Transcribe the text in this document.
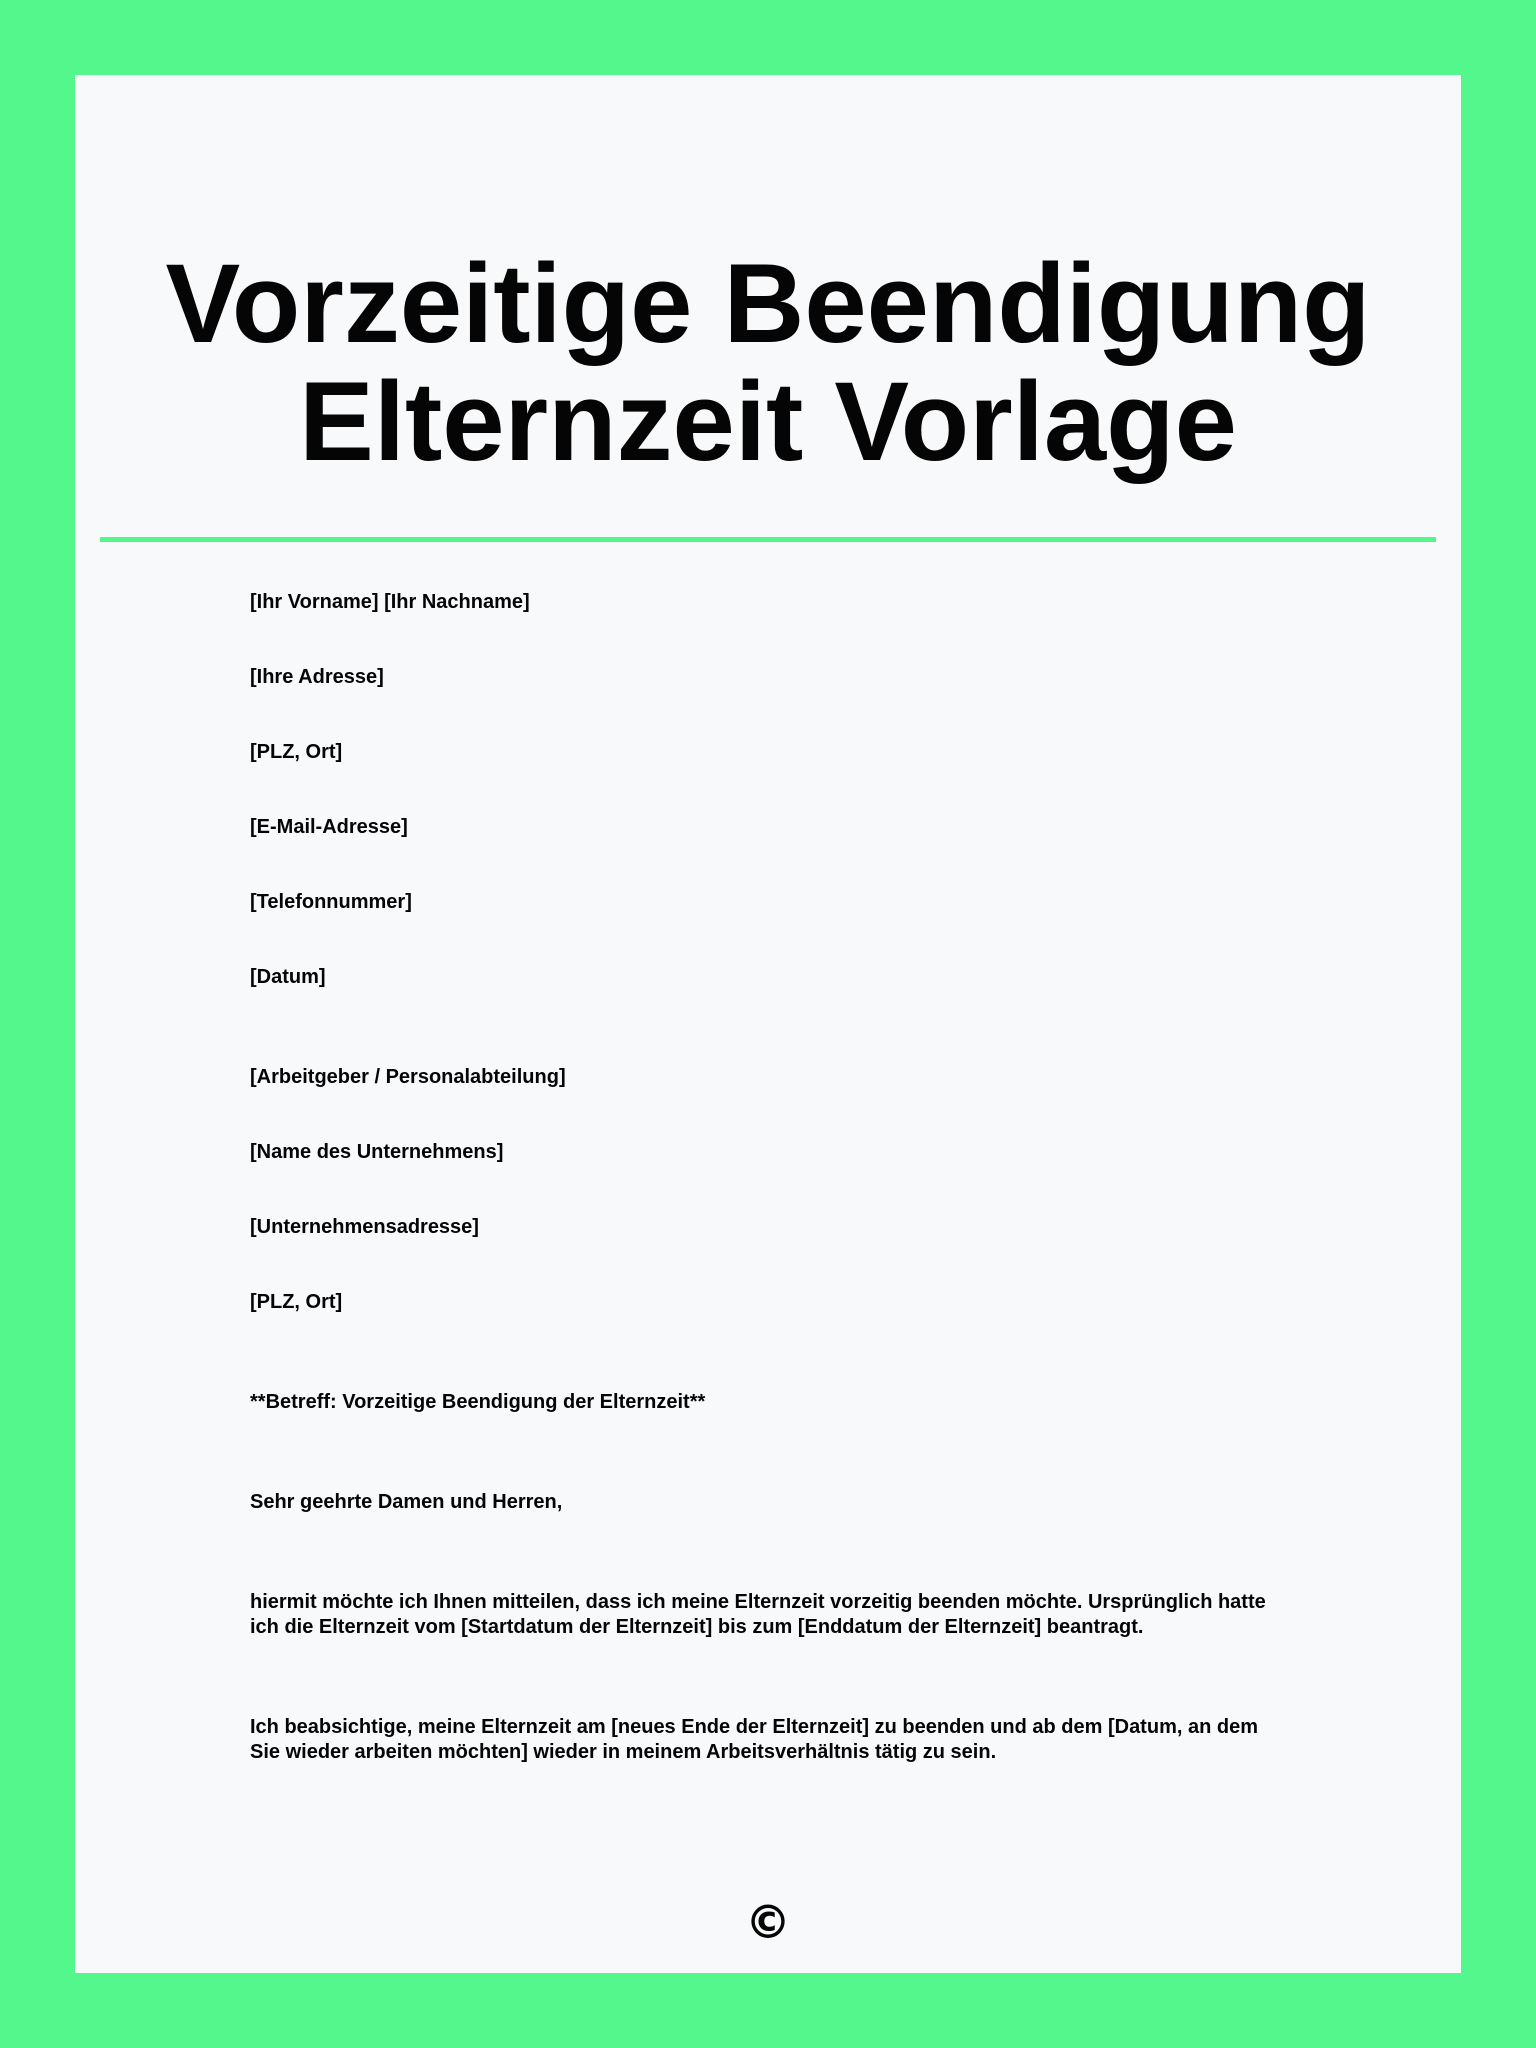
Vorzeitige Beendigung
Elternzeit Vorlage

[Ihr Vorname] [Ihr Nachname]

[Ihre Adresse]

[PLZ, Ort]

[E-Mail-Adresse]

[Telefonnummer]

[Datum]

[Arbeitgeber / Personalabteilung]

[Name des Unternehmens]

[Unternehmensadresse]

[PLZ, Ort]

**Betreff: Vorzeitige Beendigung der Elternzeit**

Sehr geehrte Damen und Herren,

hiermit möchte ich Ihnen mitteilen, dass ich meine Elternzeit vorzeitig beenden möchte. Ursprünglich hatte
ich die Elternzeit vom [Startdatum der Elternzeit] bis zum [Enddatum der Elternzeit] beantragt.
Ich beabsichtige, meine Elternzeit am [neues Ende der Elternzeit] zu beenden und ab dem [Datum, an dem
Sie wieder arbeiten möchten] wieder in meinem Arbeitsverhältnis tätig zu sein.
©
